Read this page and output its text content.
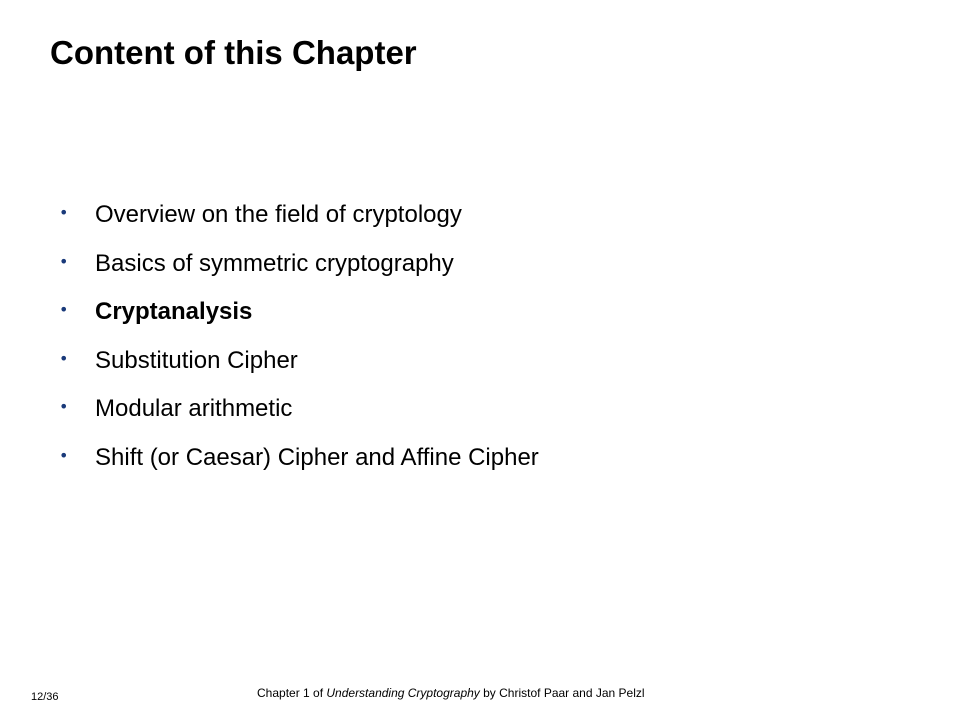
Content of this Chapter
•	Overview on the field of cryptology
•	Basics of symmetric cryptography
•	Cryptanalysis
•	Substitution Cipher
•	Modular arithmetic
•	Shift (or Caesar) Cipher and Affine Cipher
Chapter 1 of Understanding Cryptography by Christof Paar and Jan Pelzl
12/36
